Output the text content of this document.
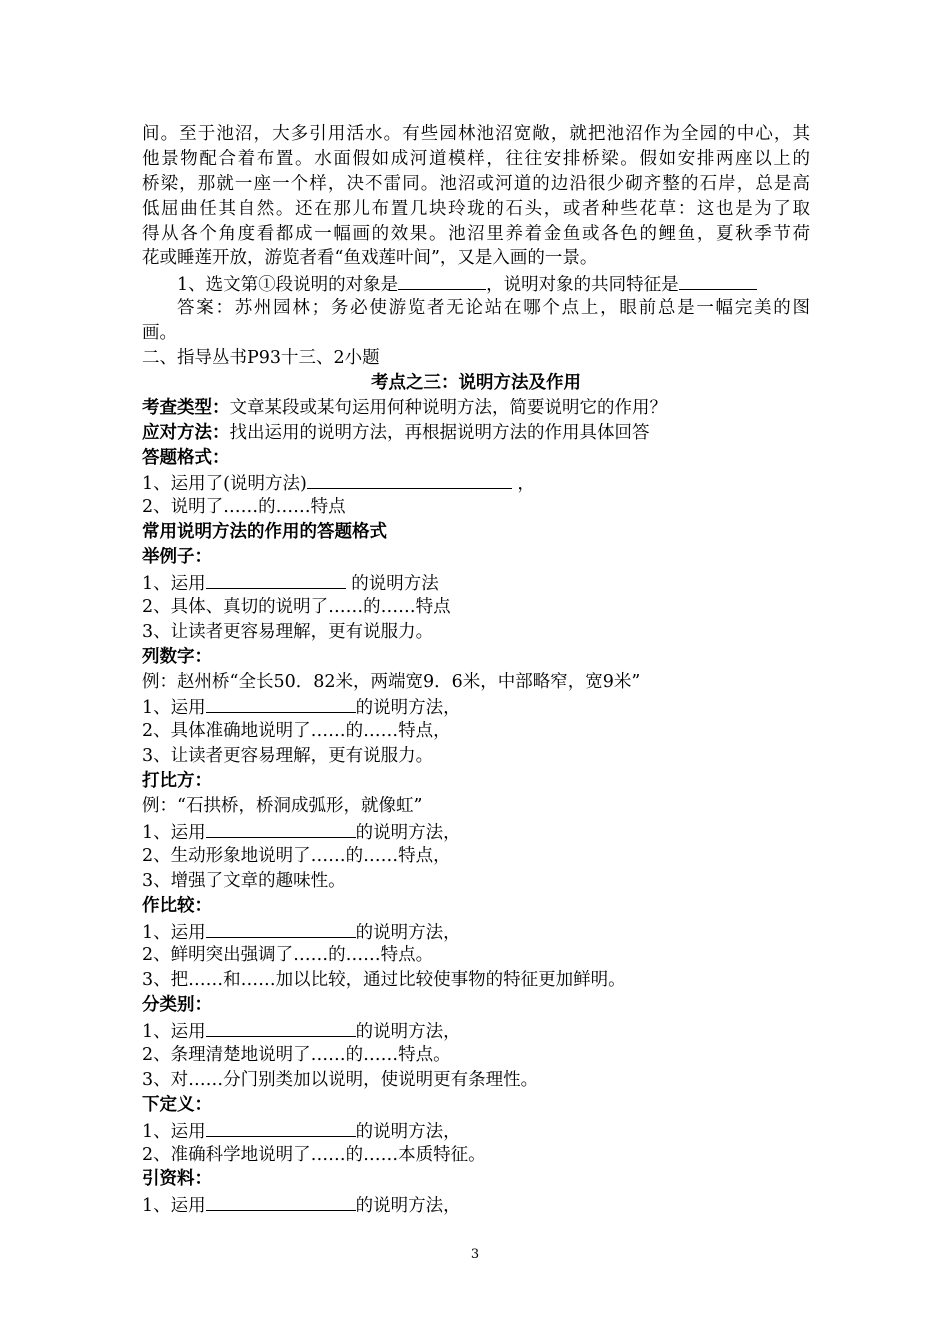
间。至于池沼，大多引用活水。有些园林池沼宽敞，就把池沼作为全园的中心，其
他景物配合着布置。水面假如成河道模样，往往安排桥梁。假如安排两座以上的
桥梁，那就一座一个样，决不雷同。池沼或河道的边沿很少砌齐整的石岸，总是高
低屈曲任其自然。还在那儿布置几块玲珑的石头，或者种些花草：这也是为了取
得从各个角度看都成一幅画的效果。池沼里养着金鱼或各色的鲤鱼，夏秋季节荷
花或睡莲开放，游览者看“鱼戏莲叶间”，又是入画的一景。
1、选文第①段说明的对象是	，说明对象的共同特征是
答案：苏州园林；务必使游览者无论站在哪个点上，眼前总是一幅完美的图
画。
二、指导丛书P93十三、2小题
考点之三：说明方法及作用
考查类型：文章某段或某句运用何种说明方法，简要说明它的作用？
应对方法：找出运用的说明方法，再根据说明方法的作用具体回答
答题格式：
1、运用了(说明方法)	，
2、说明了……的……特点
常用说明方法的作用的答题格式
举例子：
1、运用	的说明方法
2、具体、真切的说明了……的……特点
3、让读者更容易理解，更有说服力。
列数字：
例：赵州桥“全长50．82米，两端宽9．6米，中部略窄，宽9米”
1、运用	的说明方法，
2、具体准确地说明了……的……特点，
3、让读者更容易理解，更有说服力。
打比方：
例：“石拱桥，桥洞成弧形，就像虹”
1、运用	的说明方法，
2、生动形象地说明了……的……特点，
3、增强了文章的趣味性。
作比较：
1、运用	的说明方法，
2、鲜明突出强调了……的……特点。
3、把……和……加以比较，通过比较使事物的特征更加鲜明。
分类别：
1、运用	的说明方法，
2、条理清楚地说明了……的……特点。
3、对……分门别类加以说明，使说明更有条理性。
下定义：
1、运用	的说明方法，
2、准确科学地说明了……的……本质特征。
引资料：
1、运用	的说明方法，
3
